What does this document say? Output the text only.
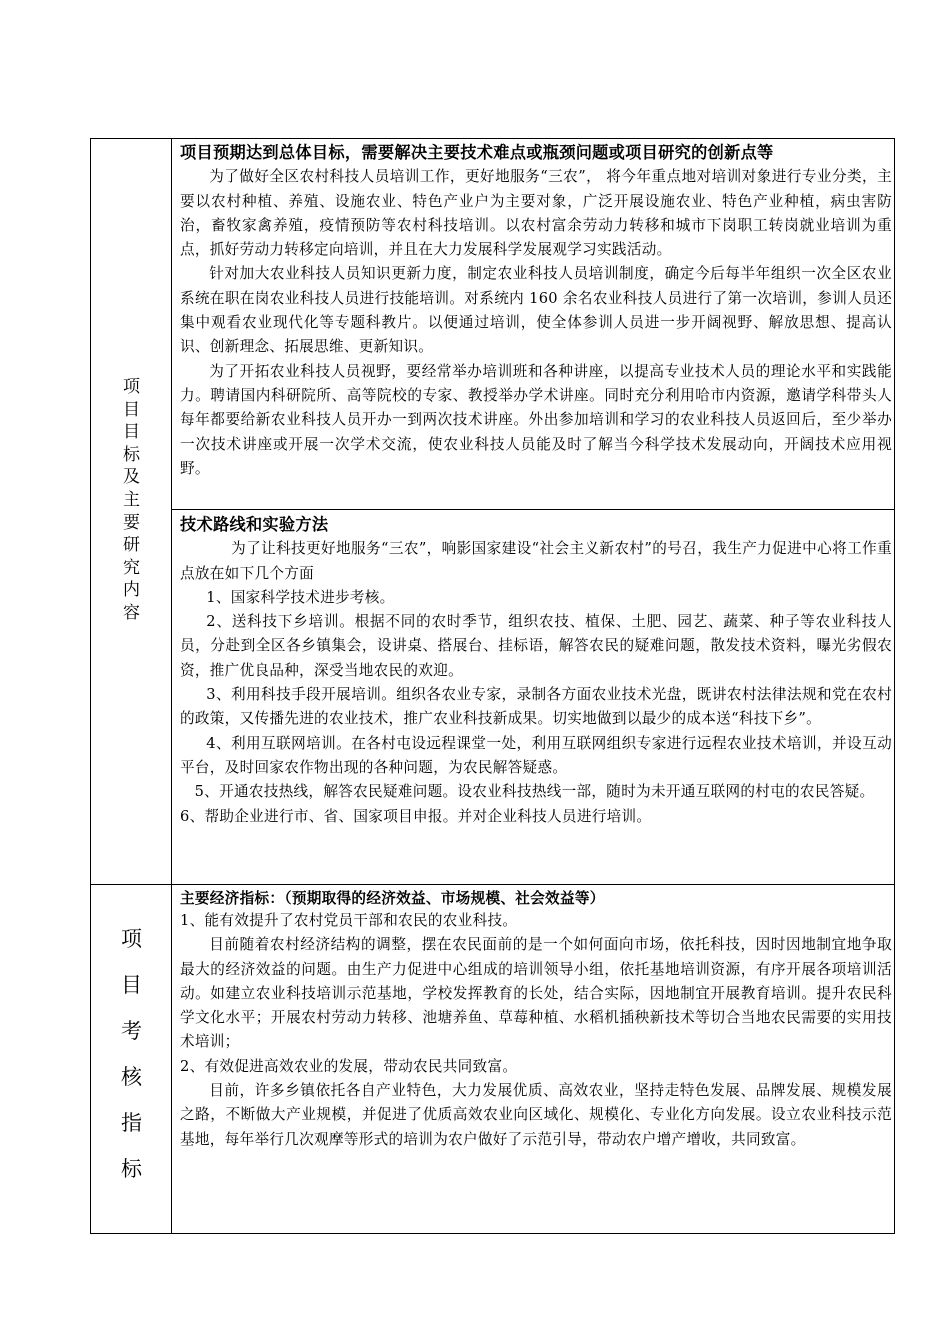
项
目
目
标
及
主
要
研
究
内
容

项目预期达到总体目标，需要解决主要技术难点或瓶颈问题或项目研究的创新点等

为了做好全区农村科技人员培训工作，更好地服务“三农”， 将今年重点地对培训对象进行专业分类，主要以农村种植、养殖、设施农业、特色产业户为主要对象，广泛开展设施农业、特色产业种植，病虫害防治，畜牧家禽养殖，疫情预防等农村科技培训。以农村富余劳动力转移和城市下岗职工转岗就业培训为重点，抓好劳动力转移定向培训，并且在大力发展科学发展观学习实践活动。

针对加大农业科技人员知识更新力度，制定农业科技人员培训制度，确定今后每半年组织一次全区农业系统在职在岗农业科技人员进行技能培训。对系统内 160 余名农业科技人员进行了第一次培训，参训人员还集中观看农业现代化等专题科教片。以便通过培训，使全体参训人员进一步开阔视野、解放思想、提高认识、创新理念、拓展思维、更新知识。

为了开拓农业科技人员视野，要经常举办培训班和各种讲座，以提高专业技术人员的理论水平和实践能力。聘请国内科研院所、高等院校的专家、教授举办学术讲座。同时充分利用哈市内资源，邀请学科带头人每年都要给新农业科技人员开办一到两次技术讲座。外出参加培训和学习的农业科技人员返回后，至少举办一次技术讲座或开展一次学术交流，使农业科技人员能及时了解当今科学技术发展动向，开阔技术应用视野。

技术路线和实验方法

为了让科技更好地服务“三农”，响影国家建设“社会主义新农村”的号召，我生产力促进中心将工作重点放在如下几个方面

1、国家科学技术进步考核。

2、送科技下乡培训。根据不同的农时季节，组织农技、植保、土肥、园艺、蔬菜、种子等农业科技人员，分赴到全区各乡镇集会，设讲桌、搭展台、挂标语，解答农民的疑难问题，散发技术资料，曝光劣假农资，推广优良品种，深受当地农民的欢迎。

3、利用科技手段开展培训。组织各农业专家，录制各方面农业技术光盘，既讲农村法律法规和党在农村的政策，又传播先进的农业技术，推广农业科技新成果。切实地做到以最少的成本送“科技下乡”。

4、利用互联网培训。在各村屯设远程课堂一处，利用互联网组织专家进行远程农业技术培训，并设互动平台，及时回家农作物出现的各种问题，为农民解答疑惑。

5、开通农技热线，解答农民疑难问题。设农业科技热线一部，随时为未开通互联网的村屯的农民答疑。

6、帮助企业进行市、省、国家项目申报。并对企业科技人员进行培训。

项
目
考
核
指
标

主要经济指标：（预期取得的经济效益、市场规模、社会效益等）

1、能有效提升了农村党员干部和农民的农业科技。

目前随着农村经济结构的调整，摆在农民面前的是一个如何面向市场，依托科技，因时因地制宜地争取最大的经济效益的问题。由生产力促进中心组成的培训领导小组，依托基地培训资源，有序开展各项培训活动。如建立农业科技培训示范基地，学校发挥教育的长处，结合实际，因地制宜开展教育培训。提升农民科学文化水平；开展农村劳动力转移、池塘养鱼、草莓种植、水稻机插秧新技术等切合当地农民需要的实用技术培训；

2、有效促进高效农业的发展，带动农民共同致富。

目前，许多乡镇依托各自产业特色，大力发展优质、高效农业，坚持走特色发展、品牌发展、规模发展之路，不断做大产业规模，并促进了优质高效农业向区域化、规模化、专业化方向发展。设立农业科技示范基地，每年举行几次观摩等形式的培训为农户做好了示范引导，带动农户增产增收，共同致富。
